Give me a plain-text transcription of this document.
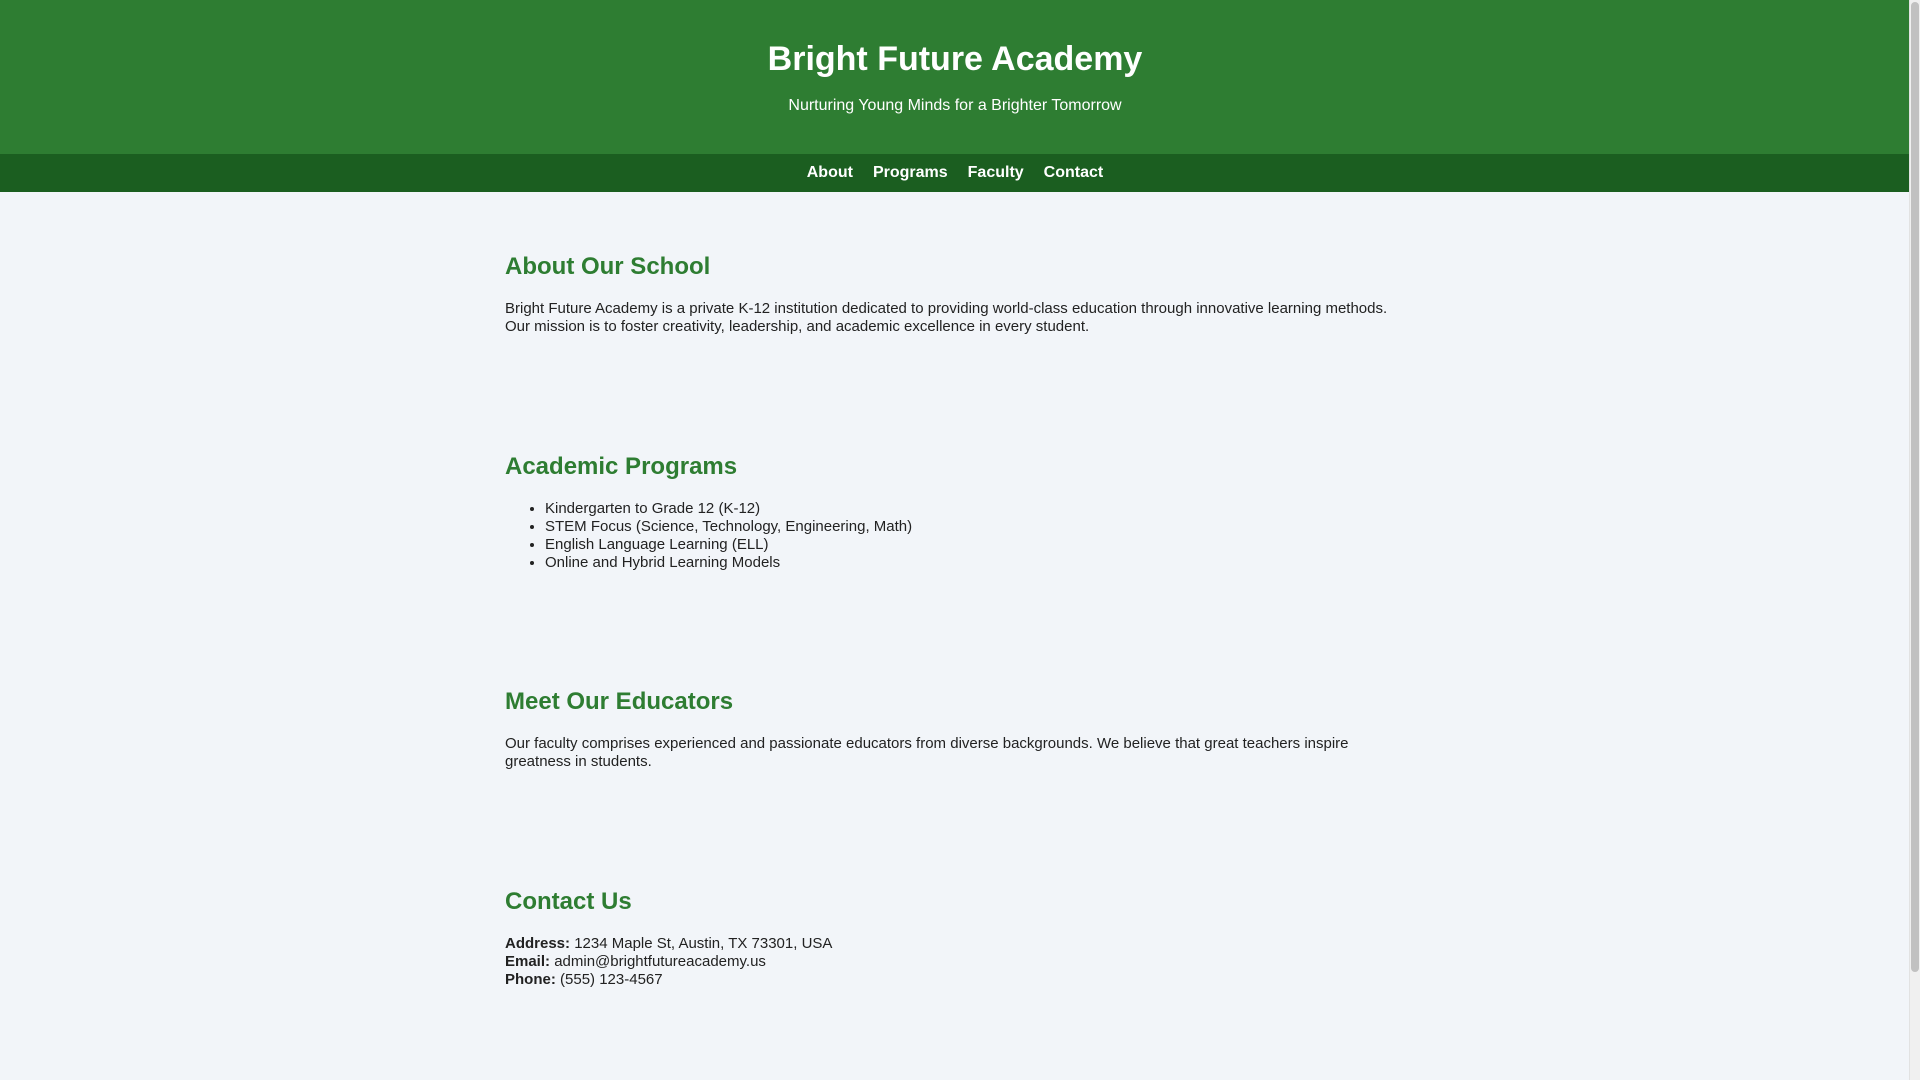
Bright Future Academy

Nurturing Young Minds for a Brighter Tomorrow

About Programs Faculty Contact
About Our School

Bright Future Academy is a private K-12 institution dedicated to providing world-class education through innovative learning methods. Our mission is to foster creativity, leadership, and academic excellence in every student.

Academic Programs
• Kindergarten to Grade 12 (K-12)
• STEM Focus (Science, Technology, Engineering, Math)
• English Language Learning (ELL)
• Online and Hybrid Learning Models
Meet Our Educators

Our faculty comprises experienced and passionate educators from diverse backgrounds. We believe that great teachers inspire greatness in students.

Contact Us

Address: 1234 Maple St, Austin, TX 73301, USA

Email: admin@brightfutureacademy.us

Phone: (555) 123-4567
